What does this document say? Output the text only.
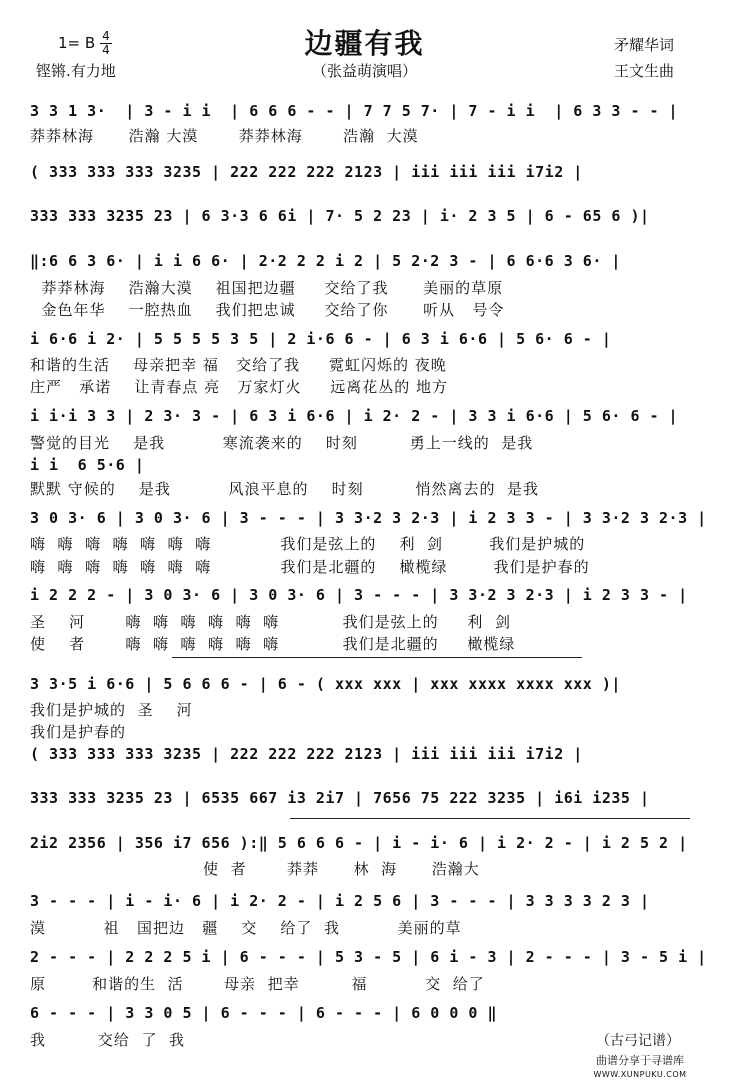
边疆有我
（张益萌演唱）
1= B 4
4
铿锵.有力地
矛耀华词
王文生曲
3 3 1 3·  | 3 - i i  | 6 6 6 - - | 7 7 5 7· | 7 - i i  | 6 3 3 - - |
莽莽林海      浩瀚 大漠       莽莽林海       浩瀚  大漠
( 333 333 333 3235 | 222 222 222 2123 | iii iii iii i7i2 |
333 333 3235 23 | 6 3·3 6 6i | 7· 5 2 23 | i· 2 3 5 | 6 - 65 6 )|
‖:6 6 3 6· | i i 6 6· | 2·2 2 2 i 2 | 5 2·2 3 - | 6 6·6 3 6· |
莽莽林海    浩瀚大漠    祖国把边疆     交给了我      美丽的草原
金色年华    一腔热血    我们把忠诚     交给了你      听从   号令
i 6·6 i 2· | 5 5 5 5 3 5 | 2 i·6 6 - | 6 3 i 6·6 | 5 6· 6 - |
和谐的生活    母亲把幸 福   交给了我     霓虹闪烁的 夜晚
庄严   承诺    让青春点 亮   万家灯火     远离花丛的 地方
i i·i 3 3 | 2 3· 3 - | 6 3 i 6·6 | i 2· 2 - | 3 3 i 6·6 | 5 6· 6 - |
警觉的目光    是我          寒流袭来的    时刻         勇上一线的  是我
i i  6 5·6 |
默默 守候的    是我          风浪平息的    时刻         悄然离去的  是我
3 0 3· 6 | 3 0 3· 6 | 3 - - - | 3 3·2 3 2·3 | i 2 3 3 - | 3 3·2 3 2·3 |
嗨  嗨  嗨  嗨  嗨  嗨  嗨            我们是弦上的    利  剑        我们是护城的
嗨  嗨  嗨  嗨  嗨  嗨  嗨            我们是北疆的    橄榄绿        我们是护春的
i 2 2 2 - | 3 0 3· 6 | 3 0 3· 6 | 3 - - - | 3 3·2 3 2·3 | i 2 3 3 - |
圣    河       嗨  嗨  嗨  嗨  嗨  嗨           我们是弦上的     利  剑
使    者       嗨  嗨  嗨  嗨  嗨  嗨           我们是北疆的     橄榄绿
3 3·5 i 6·6 | 5 6 6 6 - | 6 - ( xxx xxx | xxx xxxx xxxx xxx )|
我们是护城的  圣    河
我们是护春的
( 333 333 333 3235 | 222 222 222 2123 | iii iii iii i7i2 |
333 333 3235 23 | 6535 667 i3 2i7 | 7656 75 222 3235 | i6i i235 |
2i2 2356 | 356 i7 656 ):‖ 5 6 6 6 - | i - i· 6 | i 2· 2 - | i 2 5 2 |
使  者       莽莽      林  海      浩瀚大
3 - - - | i - i· 6 | i 2· 2 - | i 2 5 6 | 3 - - - | 3 3 3 3 2 3 |
漠          祖   国把边   疆    交    给了  我          美丽的草
2 - - - | 2 2 2 5 i | 6 - - - | 5 3 - 5 | 6 i - 3 | 2 - - - | 3 - 5 i |
原        和谐的生  活       母亲  把幸         福          交  给了
6 - - - | 3 3 0 5 | 6 - - - | 6 - - - | 6 0 0 0 ‖
我         交给  了  我	（古弓记谱）
曲谱分享于寻谱库
WWW.XUNPUKU.COM
